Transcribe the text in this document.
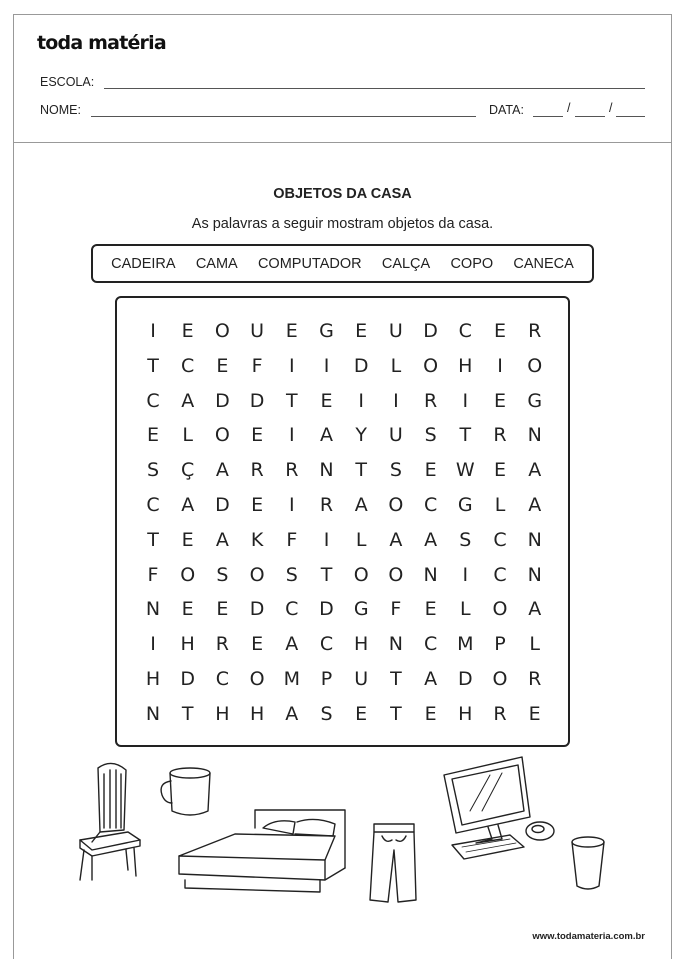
toda matéria
ESCOLA:
NOME:	DATA:	/	/
OBJETOS DA CASA
As palavras a seguir mostram objetos da casa.
CADEIRA CAMA COMPUTADOR CALÇA COPO CANECA
I	E	O	U	E	G	E	U	D	C	E	R
T	C	E	F	I	I	D	L	O	H	I	O
C	A	D	D	T	E	I	I	R	I	E	G
E	L	O	E	I	A	Y	U	S	T	R	N
S	Ç	A	R	R	N	T	S	E	W	E	A
C	A	D	E	I	R	A	O	C	G	L	A
T	E	A	K	F	I	L	A	A	S	C	N
F	O	S	O	S	T	O	O	N	I	C	N
N	E	E	D	C	D	G	F	E	L	O	A
I	H	R	E	A	C	H	N	C	M	P	L
H	D	C	O	M	P	U	T	A	D	O	R
N	T	H	H	A	S	E	T	E	H	R	E
www.todamateria.com.br
